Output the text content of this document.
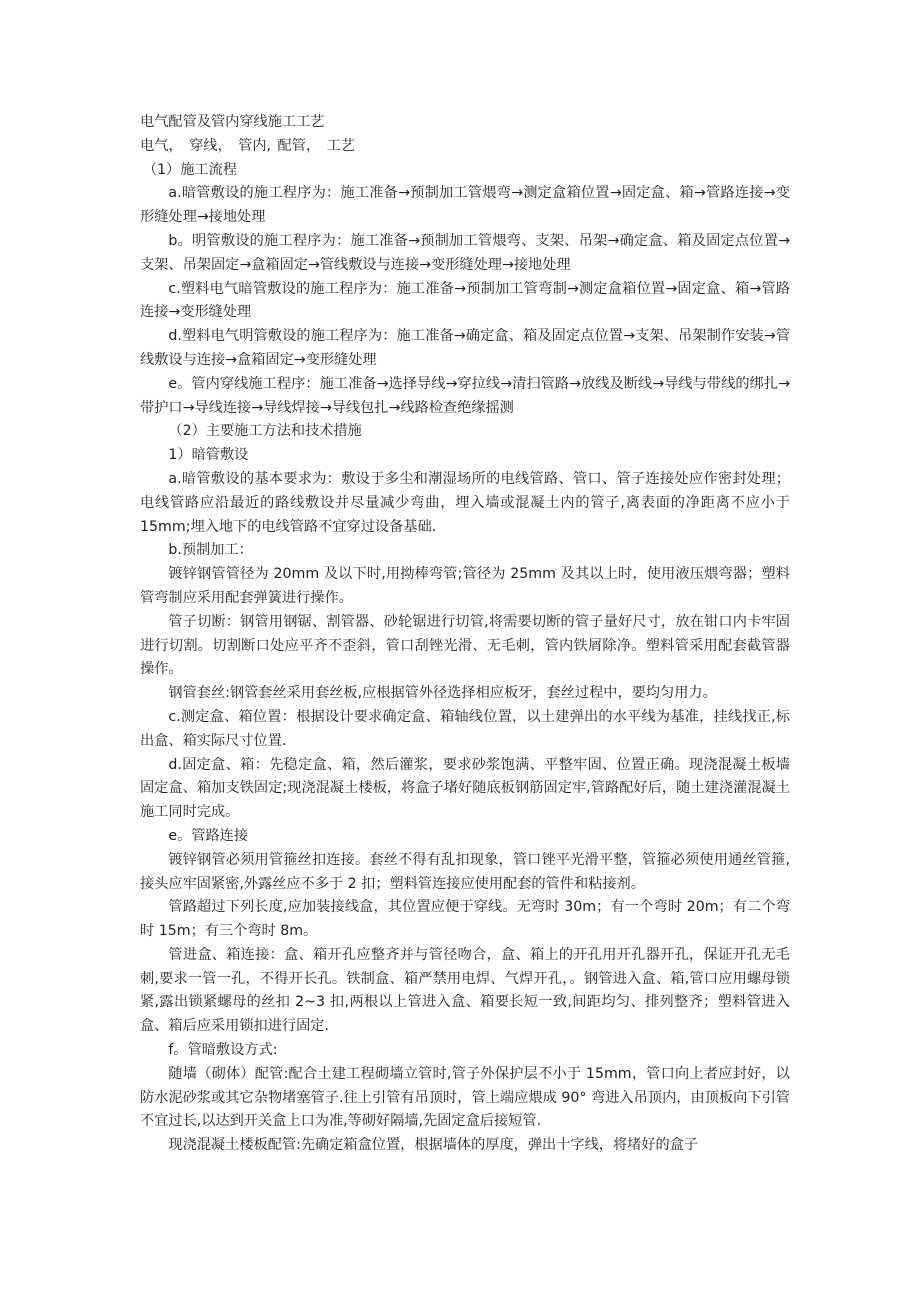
电气配管及管内穿线施工工艺

电气， 穿线， 管内, 配管， 工艺

（1）施工流程

a.暗管敷设的施工程序为：施工准备→预制加工管煨弯→测定盒箱位置→固定盒、箱→管路连接→变形缝处理→接地处理

b。明管敷设的施工程序为：施工准备→预制加工管煨弯、支架、吊架→确定盒、箱及固定点位置→支架、吊架固定→盒箱固定→管线敷设与连接→变形缝处理→接地处理

c.塑料电气暗管敷设的施工程序为：施工准备→预制加工管弯制→测定盒箱位置→固定盒、箱→管路连接→变形缝处理

d.塑料电气明管敷设的施工程序为：施工准备→确定盒、箱及固定点位置→支架、吊架制作安装→管线敷设与连接→盒箱固定→变形缝处理

e。管内穿线施工程序：施工准备→选择导线→穿拉线→清扫管路→放线及断线→导线与带线的绑扎→带护口→导线连接→导线焊接→导线包扎→线路检查绝缘摇测

（2）主要施工方法和技术措施

1）暗管敷设

a.暗管敷设的基本要求为：敷设于多尘和潮湿场所的电线管路、管口、管子连接处应作密封处理；电线管路应沿最近的路线敷设并尽量减少弯曲，埋入墙或混凝土内的管子,离表面的净距离不应小于 15mm;埋入地下的电线管路不宜穿过设备基础.

b.预制加工：

镀锌钢管管径为 20mm 及以下时,用拗棒弯管;管径为 25mm 及其以上时，使用液压煨弯器；塑料管弯制应采用配套弹簧进行操作。

管子切断：钢管用钢锯、割管器、砂轮锯进行切管,将需要切断的管子量好尺寸，放在钳口内卡牢固进行切割。切割断口处应平齐不歪斜，管口刮锉光滑、无毛刺，管内铁屑除净。塑料管采用配套截管器操作。

钢管套丝:钢管套丝采用套丝板,应根据管外径选择相应板牙，套丝过程中，要均匀用力。

c.测定盒、箱位置：根据设计要求确定盒、箱轴线位置，以土建弹出的水平线为基准，挂线找正,标出盒、箱实际尺寸位置.

d.固定盒、箱：先稳定盒、箱，然后灌浆，要求砂浆饱满、平整牢固、位置正确。现浇混凝土板墙固定盒、箱加支铁固定;现浇混凝土楼板，将盒子堵好随底板钢筋固定牢,管路配好后，随土建浇灌混凝土施工同时完成。

e。管路连接

镀锌钢管必须用管箍丝扣连接。套丝不得有乱扣现象，管口锉平光滑平整，管箍必须使用通丝管箍,接头应牢固紧密,外露丝应不多于 2 扣；塑料管连接应使用配套的管件和粘接剂。

管路超过下列长度,应加装接线盒，其位置应便于穿线。无弯时 30m；有一个弯时 20m；有二个弯时 15m；有三个弯时 8m。

管进盒、箱连接：盒、箱开孔应整齐并与管径吻合，盒、箱上的开孔用开孔器开孔，保证开孔无毛刺,要求一管一孔，不得开长孔。铁制盒、箱严禁用电焊、气焊开孔，。钢管进入盒、箱,管口应用螺母锁紧,露出锁紧螺母的丝扣 2~3 扣,两根以上管进入盒、箱要长短一致,间距均匀、排列整齐；塑料管进入盒、箱后应采用锁扣进行固定.

f。管暗敷设方式:

随墙（砌体）配管:配合土建工程砌墙立管时,管子外保护层不小于 15mm，管口向上者应封好，以防水泥砂浆或其它杂物堵塞管子.往上引管有吊顶时，管上端应煨成 90° 弯进入吊顶内，由顶板向下引管不宜过长,以达到开关盒上口为准,等砌好隔墙,先固定盒后接短管.

现浇混凝土楼板配管:先确定箱盒位置，根据墙体的厚度，弹出十字线，将堵好的盒子
